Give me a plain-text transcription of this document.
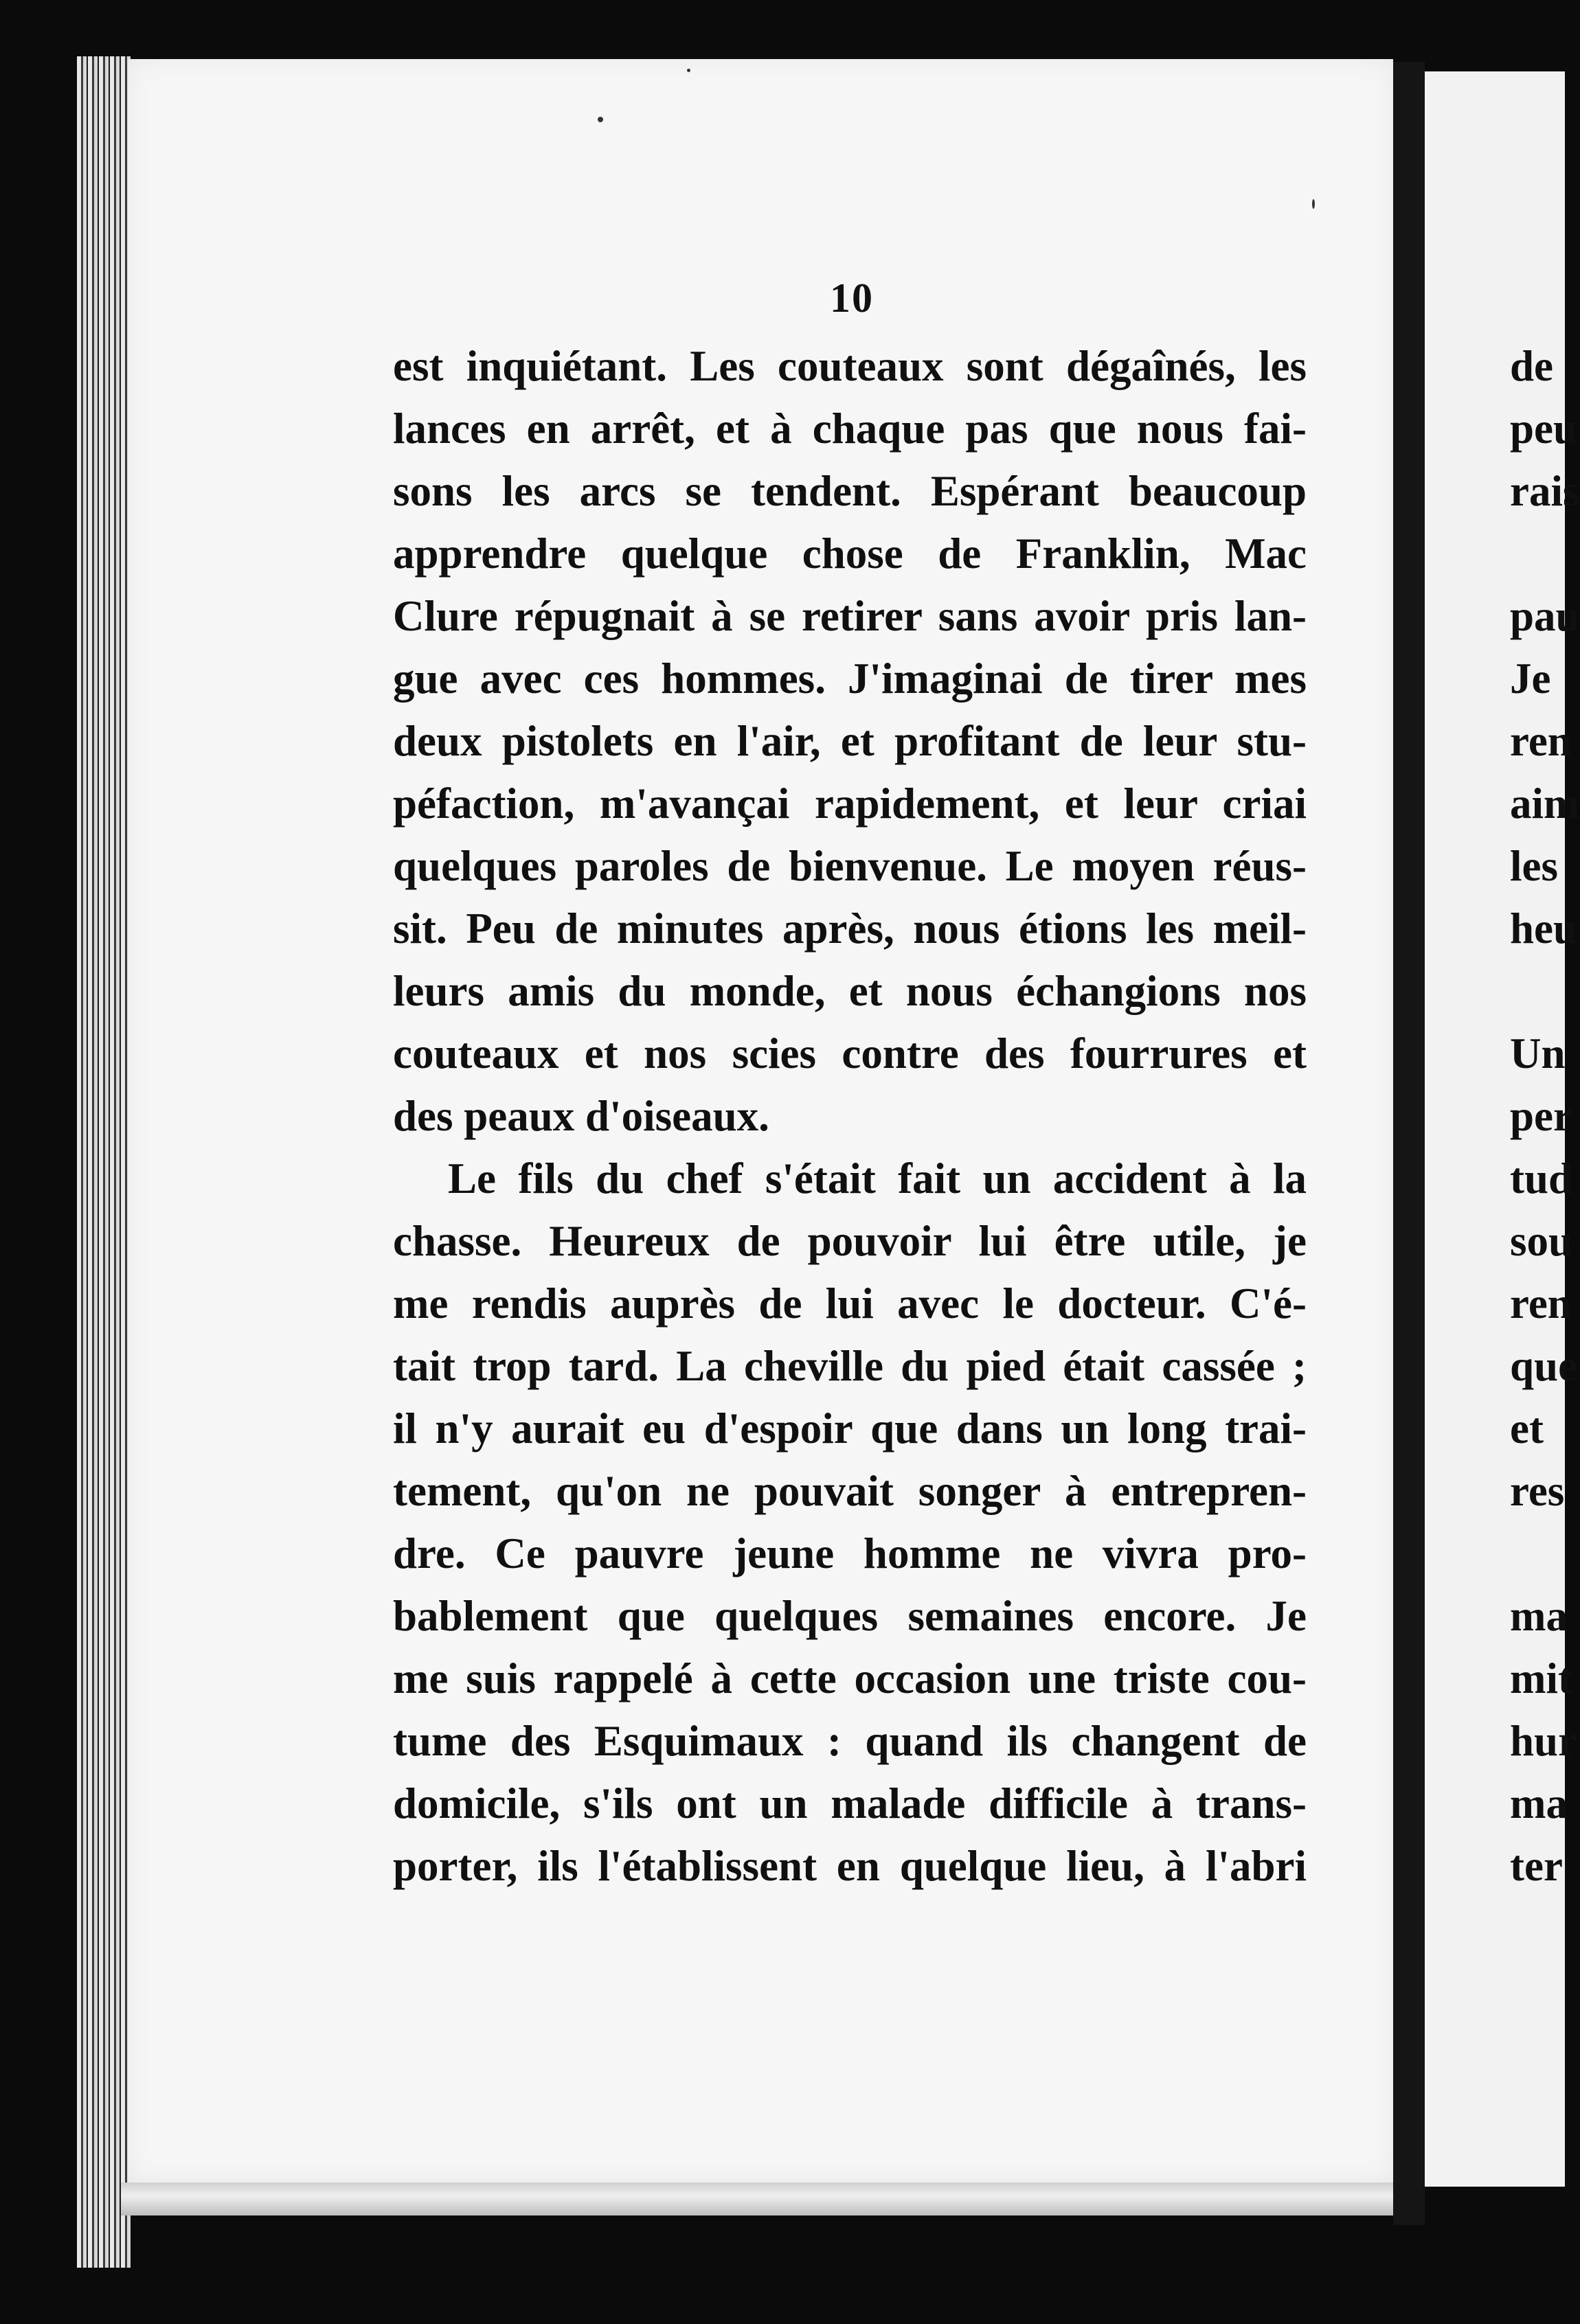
10
est inquiétant. Les couteaux sont dégaînés, les
lances en arrêt, et à chaque pas que nous fai-
sons les arcs se tendent. Espérant beaucoup
apprendre quelque chose de Franklin, Mac
Clure répugnait à se retirer sans avoir pris lan-
gue avec ces hommes. J'imaginai de tirer mes
deux pistolets en l'air, et profitant de leur stu-
péfaction, m'avançai rapidement, et leur criai
quelques paroles de bienvenue. Le moyen réus-
sit. Peu de minutes après, nous étions les meil-
leurs amis du monde, et nous échangions nos
couteaux et nos scies contre des fourrures et
des peaux d'oiseaux.
Le fils du chef s'était fait un accident à la
chasse. Heureux de pouvoir lui être utile, je
me rendis auprès de lui avec le docteur. C'é-
tait trop tard. La cheville du pied était cassée ;
il n'y aurait eu d'espoir que dans un long trai-
tement, qu'on ne pouvait songer à entrepren-
dre. Ce pauvre jeune homme ne vivra pro-
bablement que quelques semaines encore. Je
me suis rappelé à cette occasion une triste cou-
tume des Esquimaux : quand ils changent de
domicile, s'ils ont un malade difficile à trans-
porter, ils l'établissent en quelque lieu, à l'abri
de
peu
rais
pau
Je
ren
aim
les
heu
Un
per
tud
sou
ren
que
et
res
ma
mit
hur
ma
ter
